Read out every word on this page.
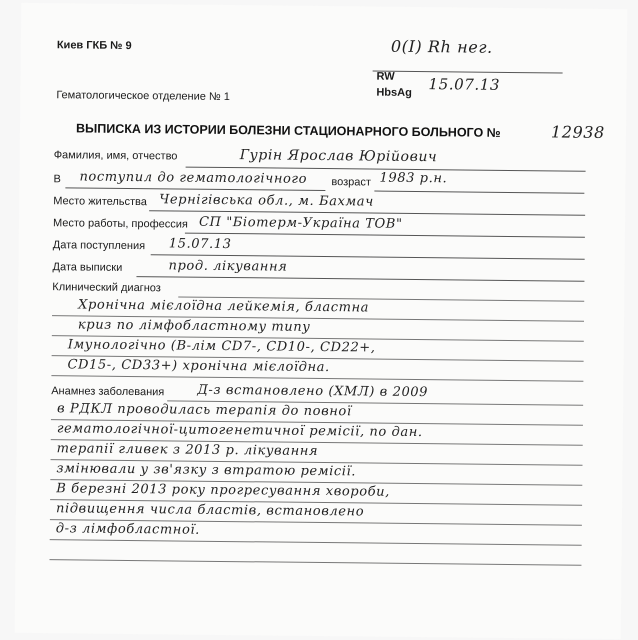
Киев ГКБ № 9	0(I) Rh нег.
RW
HbsAg 15.07.13
Гематологическое отделение № 1
ВЫПИСКА ИЗ ИСТОРИИ БОЛЕЗНИ СТАЦИОНАРНОГО БОЛЬНОГО №	12938
Фамилия, имя, отчество	Гурін Ярослав Юрійович
В поступил до гематологічного возраст 1983 р.н.
Место жительства Чернігівська обл., м. Бахмач
Место работы, профессия СП "Біотерм-Україна ТОВ"
Дата поступления 15.07.13
Дата выписки	прод. лікування
Клинический диагноз
Хронічна мієлоїдна лейкемія, бластна
криз по лімфобластному типу
Імунологічно (В-лім CD7-, CD10-, CD22+,
CD15-, CD33+) хронічна мієлоїдна.
Анамнез заболевания	Д-з встановлено (ХМЛ) в 2009
в РДКЛ проводилась терапія до повної
гематологічної-цитогенетичної ремісії, по дан.
терапії гливек з 2013 р. лікування
змінювали у зв'язку з втратою ремісії.
В березні 2013 року прогресування хвороби,
підвищення числа бластів, встановлено
д-з лімфобластної.
